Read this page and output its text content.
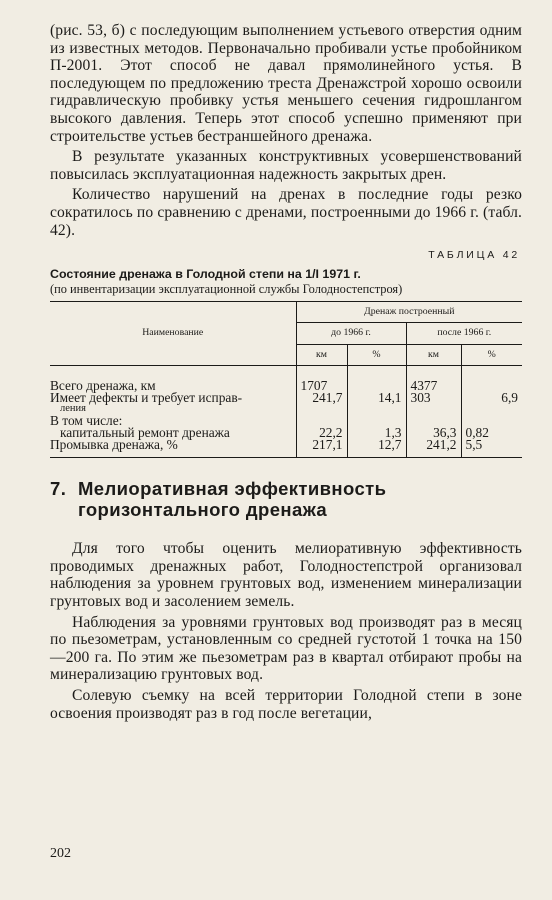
(рис. 53, б) с последующим выполнением устьевого отверстия одним из известных методов. Первоначально пробивали устье пробойником П-2001. Этот способ не давал прямолинейного устья. В последующем по предложению треста Дренажстрой хорошо освоили гидравлическую пробивку устья меньшего сечения гидрошлангом высокого давления. Теперь этот способ успешно применяют при строительстве устьев бестраншейного дренажа.

В результате указанных конструктивных усовершенствований повысилась эксплуатационная надежность закрытых дрен.

Количество нарушений на дренах в последние годы резко сократилось по сравнению с дренами, построенными до 1966 г. (табл. 42).

ТАБЛИЦА 42
Состояние дренажа в Голодной степи на 1/I 1971 г.
(по инвентаризации эксплуатационной службы Голодностепстроя)
Наименование	Дренаж построенный			
	до 1966 г.		после 1966 г.	
	км	%	км	%
Всего дренажа, км	1707		4377	
Имеет дефекты и требует исправ-
ления	241,7	14,1	303	6,9
В том числе:				
капитальный ремонт дренажа	22,2	1,3	36,3	0,82
Промывка дренажа, %	217,1	12,7	241,2	5,5
7. Мелиоративная эффективность
горизонтального дренажа

Для того чтобы оценить мелиоративную эффективность проводимых дренажных работ, Голодностепстрой организовал наблюдения за уровнем грунтовых вод, изменением минерализации грунтовых вод и засолением земель.

Наблюдения за уровнями грунтовых вод производят раз в месяц по пьезометрам, установленным со средней густотой 1 точка на 150—200 га. По этим же пьезометрам раз в квартал отбирают пробы на минерализацию грунтовых вод.

Солевую съемку на всей территории Голодной степи в зоне освоения производят раз в год после вегетации,

202
